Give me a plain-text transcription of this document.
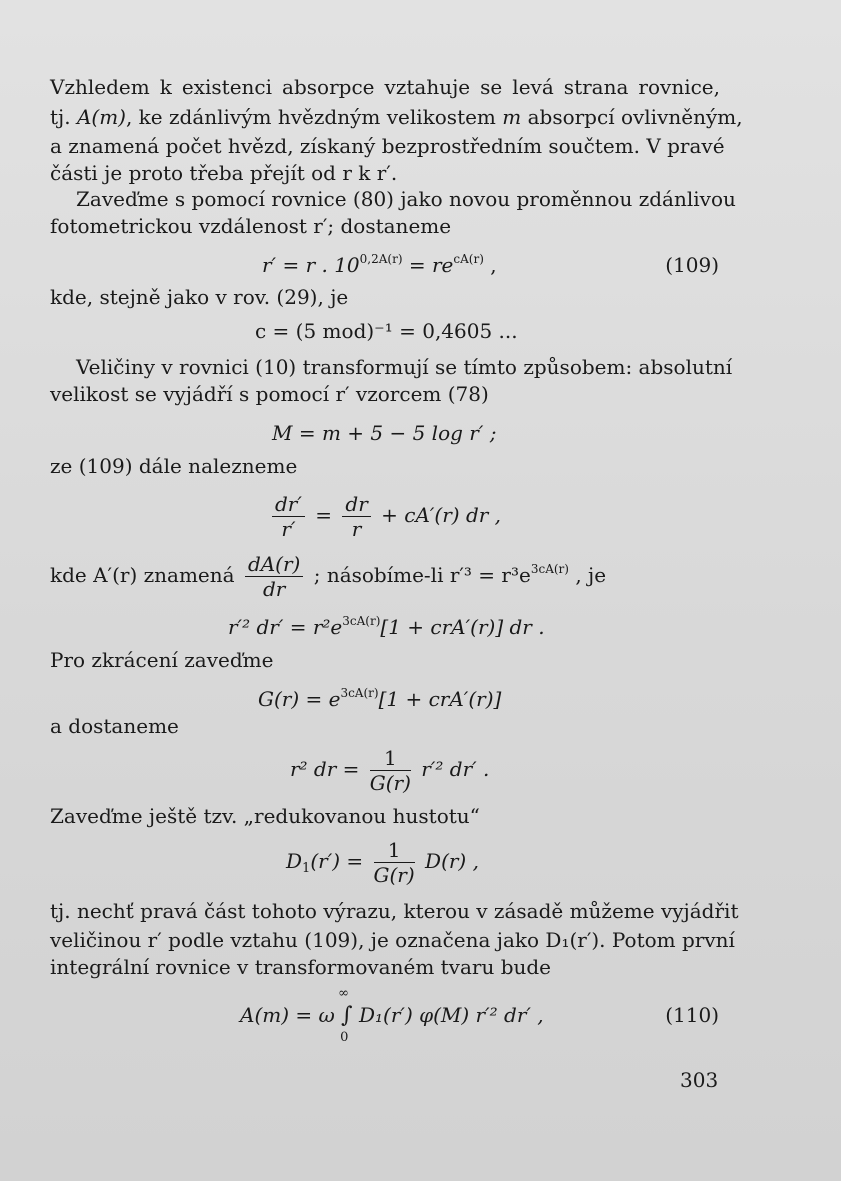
Vzhledem k existenci absorpce vztahuje se levá strana rovnice,
tj. A(m), ke zdánlivým hvězdným velikostem m absorpcí ovlivněným,
a znamená počet hvězd, získaný bezprostředním součtem. V pravé
části je proto třeba přejít od r k r′.
Zaveďme s pomocí rovnice (80) jako novou proměnnou zdánlivou
fotometrickou vzdálenost r′; dostaneme
r′ = r . $10^{0,2A(r)} = re^{cA(r)}$ ,	(109)
kde, stejně jako v rov. (29), je
c = (5 mod)⁻¹ = 0,4605 ...
Veličiny v rovnici (10) transformují se tímto způsobem: absolutní
velikost se vyjádří s pomocí r′ vzorcem (78)
M = m + 5 − 5 log r′ ;
ze (109) dále nalezneme
$\frac{dr'}{r'} = \frac{dr}{r} + cA'(r)$ dr ,
kde A′(r) znamená $\frac{dA(r)}{dr}$ ; násobíme-li $r'^3 = r^3e^{3cA(r)}$ , je
r′² $dr' = r^2e^{3cA(r)}[1 + crA'(r)]$ dr .
Pro zkrácení zaveďme
$G(r) = e^{3cA(r)}[1 + crA'(r)]$
a dostaneme
r² dr = $\frac{1}{G(r)} r'^2$ dr′ .
Zaveďme ještě tzv. „redukovanou hustotu“
$D_1(r') = \frac{1}{G(r)} D(r)$ ,
tj. nechť pravá část tohoto výrazu, kterou v zásadě můžeme vyjádřit
veličinou r′ podle vztahu (109), je označena jako D₁(r′). Potom první
integrální rovnice v transformovaném tvaru bude
A(m) = ω ∫
∞
0
D₁(r′) φ(M) r′² dr′ ,	(110)
303
